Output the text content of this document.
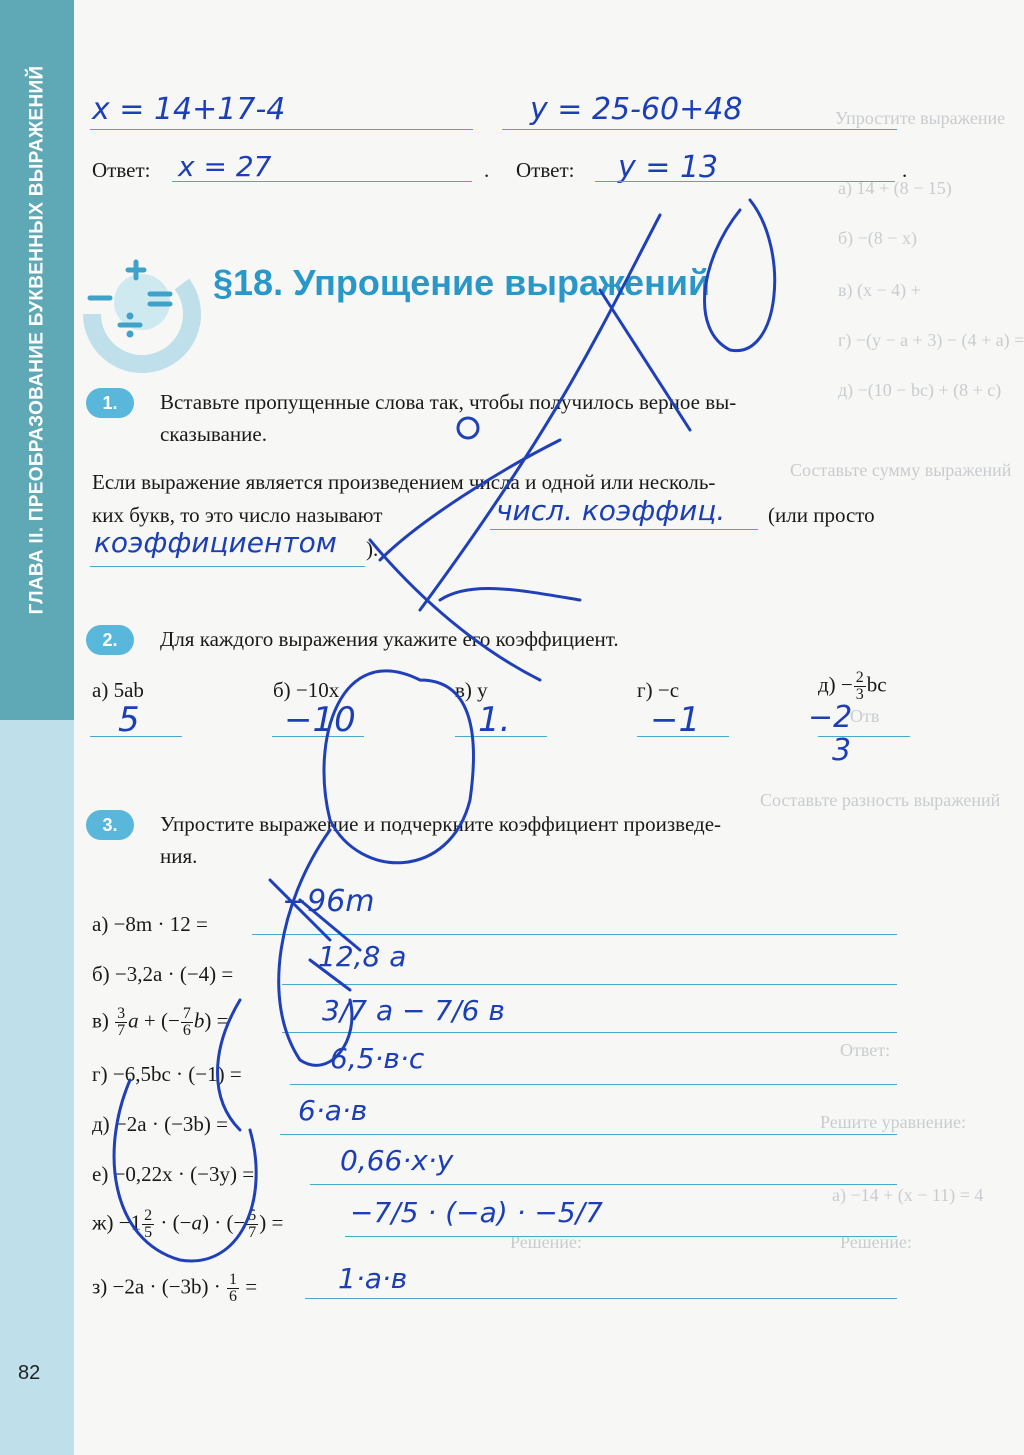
ГЛАВА II. ПРЕОБРАЗОВАНИЕ БУКВЕННЫХ ВЫРАЖЕНИЙ
82
Упростите выражение
а) 14 + (8 − 15)
б) −(8 − x)
в) (x − 4) +
г) −(y − a + 3) − (4 + a) =
д) −(10 − bc) + (8 + c)
Составьте сумму выражений
Отв
Составьте разность выражений
Ответ:
Решите уравнение:
а) −14 + (x − 11) = 4
Решение:
Решение:
x = 14+17-4	y = 25-60+48
Ответ: x = 27	. Ответ: y = 13	.
§18. Упрощение выражений
1.	Вставьте пропущенные слова так, чтобы получилось верное вы-
сказывание.
Если выражение является произведением числа и одной или несколь-
ких букв, то это число называют	числ. коэффиц. (или просто
коэффициентом ).
2.	Для каждого выражения укажите его коэффициент.
а) 5ab
5
б) −10x
−10
в) y
1.
г) −c
−1
$д) - \frac{2}{3}$ bc
−2
3
3.	Упростите выражение и подчеркните коэффициент произведе-
ния.
а) −8m · 12 =
−96m
б) −3,2a · (−4) =
12,8 a
$в) \frac{3}{7}$ a + (− $\frac{7}{6} b$) =	3/7 a − 7/6 в
г) −6,5bc · (−1) =	6,5·в·с
д) −2a · (−3b) = 6·a·в
е) −0,22x · (−3y) =	0,66·x·y
$ж) -1 \frac{2}{5} \cdot (-a)$ · (− $\frac{5}{7}$ ) = −7/5 · (−a) · −5/7
$з) -2a \cdot (-3b) \cdot \frac{1}{6}$ =	1·a·в
